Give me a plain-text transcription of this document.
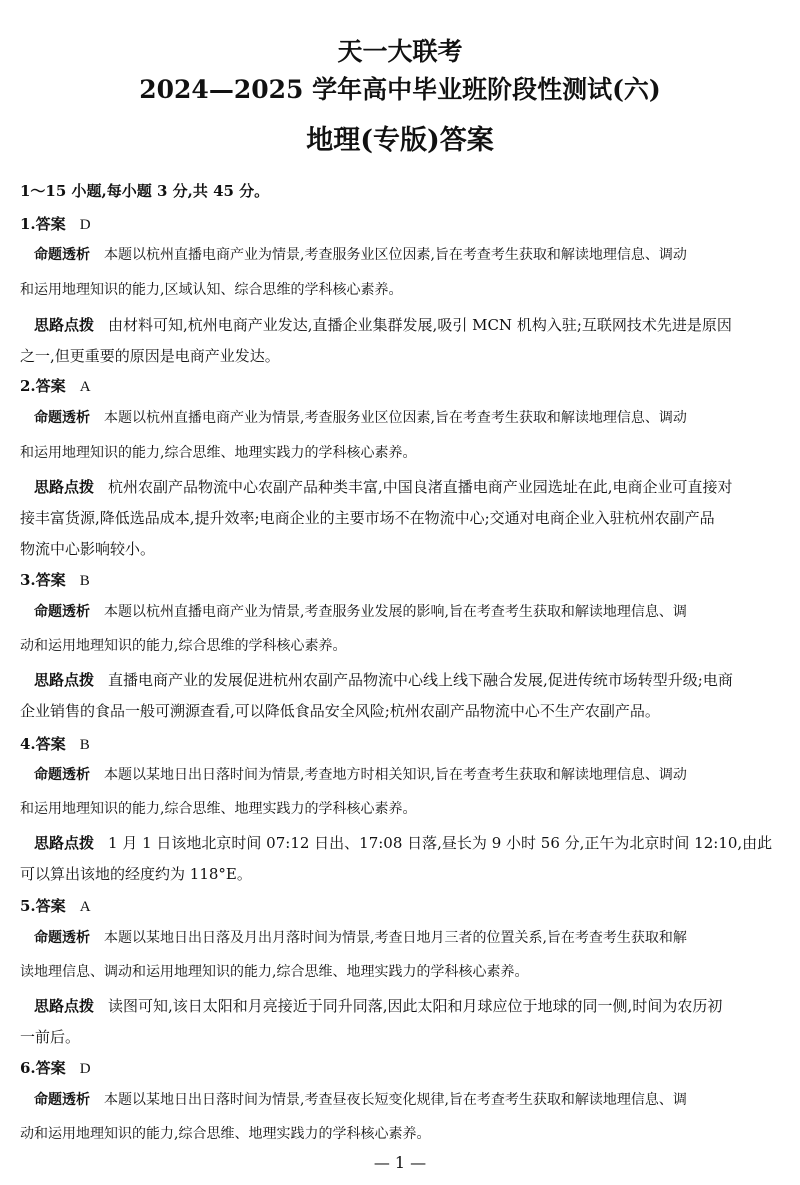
天一大联考
2024—2025 学年高中毕业班阶段性测试(六)
地理(专版)答案
1～15 小题,每小题 3 分,共 45 分。
1.答案 D
命题透析 本题以杭州直播电商产业为情景,考查服务业区位因素,旨在考查考生获取和解读地理信息、调动
和运用地理知识的能力,区域认知、综合思维的学科核心素养。
思路点拨 由材料可知,杭州电商产业发达,直播企业集群发展,吸引 MCN 机构入驻;互联网技术先进是原因
之一,但更重要的原因是电商产业发达。
2.答案 A
命题透析 本题以杭州直播电商产业为情景,考查服务业区位因素,旨在考查考生获取和解读地理信息、调动
和运用地理知识的能力,综合思维、地理实践力的学科核心素养。
思路点拨 杭州农副产品物流中心农副产品种类丰富,中国良渚直播电商产业园选址在此,电商企业可直接对
接丰富货源,降低选品成本,提升效率;电商企业的主要市场不在物流中心;交通对电商企业入驻杭州农副产品
物流中心影响较小。
3.答案 B
命题透析 本题以杭州直播电商产业为情景,考查服务业发展的影响,旨在考查考生获取和解读地理信息、调
动和运用地理知识的能力,综合思维的学科核心素养。
思路点拨 直播电商产业的发展促进杭州农副产品物流中心线上线下融合发展,促进传统市场转型升级;电商
企业销售的食品一般可溯源查看,可以降低食品安全风险;杭州农副产品物流中心不生产农副产品。
4.答案 B
命题透析 本题以某地日出日落时间为情景,考查地方时相关知识,旨在考查考生获取和解读地理信息、调动
和运用地理知识的能力,综合思维、地理实践力的学科核心素养。
思路点拨 1 月 1 日该地北京时间 07:12 日出、17:08 日落,昼长为 9 小时 56 分,正午为北京时间 12:10,由此
可以算出该地的经度约为 118°E。
5.答案 A
命题透析 本题以某地日出日落及月出月落时间为情景,考查日地月三者的位置关系,旨在考查考生获取和解
读地理信息、调动和运用地理知识的能力,综合思维、地理实践力的学科核心素养。
思路点拨 读图可知,该日太阳和月亮接近于同升同落,因此太阳和月球应位于地球的同一侧,时间为农历初
一前后。
6.答案 D
命题透析 本题以某地日出日落时间为情景,考查昼夜长短变化规律,旨在考查考生获取和解读地理信息、调
动和运用地理知识的能力,综合思维、地理实践力的学科核心素养。
— 1 —
